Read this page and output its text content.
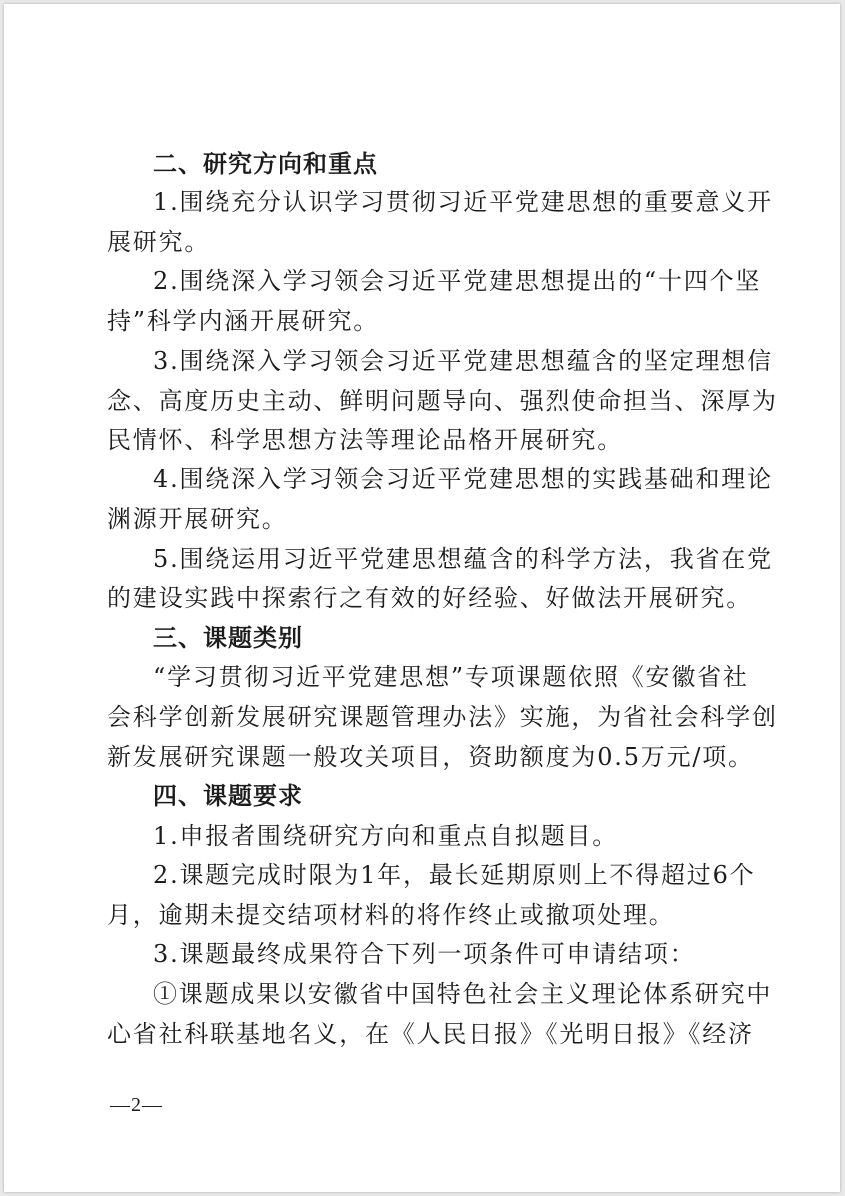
二、研究方向和重点
1.围绕充分认识学习贯彻习近平党建思想的重要意义开
展研究。
2.围绕深入学习领会习近平党建思想提出的“十四个坚
持”科学内涵开展研究。
3.围绕深入学习领会习近平党建思想蕴含的坚定理想信
念、高度历史主动、鲜明问题导向、强烈使命担当、深厚为
民情怀、科学思想方法等理论品格开展研究。
4.围绕深入学习领会习近平党建思想的实践基础和理论
渊源开展研究。
5.围绕运用习近平党建思想蕴含的科学方法，我省在党
的建设实践中探索行之有效的好经验、好做法开展研究。
三、课题类别
“学习贯彻习近平党建思想”专项课题依照《安徽省社
会科学创新发展研究课题管理办法》实施，为省社会科学创
新发展研究课题一般攻关项目，资助额度为0.5万元/项。
四、课题要求
1.申报者围绕研究方向和重点自拟题目。
2.课题完成时限为1年，最长延期原则上不得超过6个
月，逾期未提交结项材料的将作终止或撤项处理。
3.课题最终成果符合下列一项条件可申请结项：
①课题成果以安徽省中国特色社会主义理论体系研究中
心省社科联基地名义，在《人民日报》《光明日报》《经济
—2—
